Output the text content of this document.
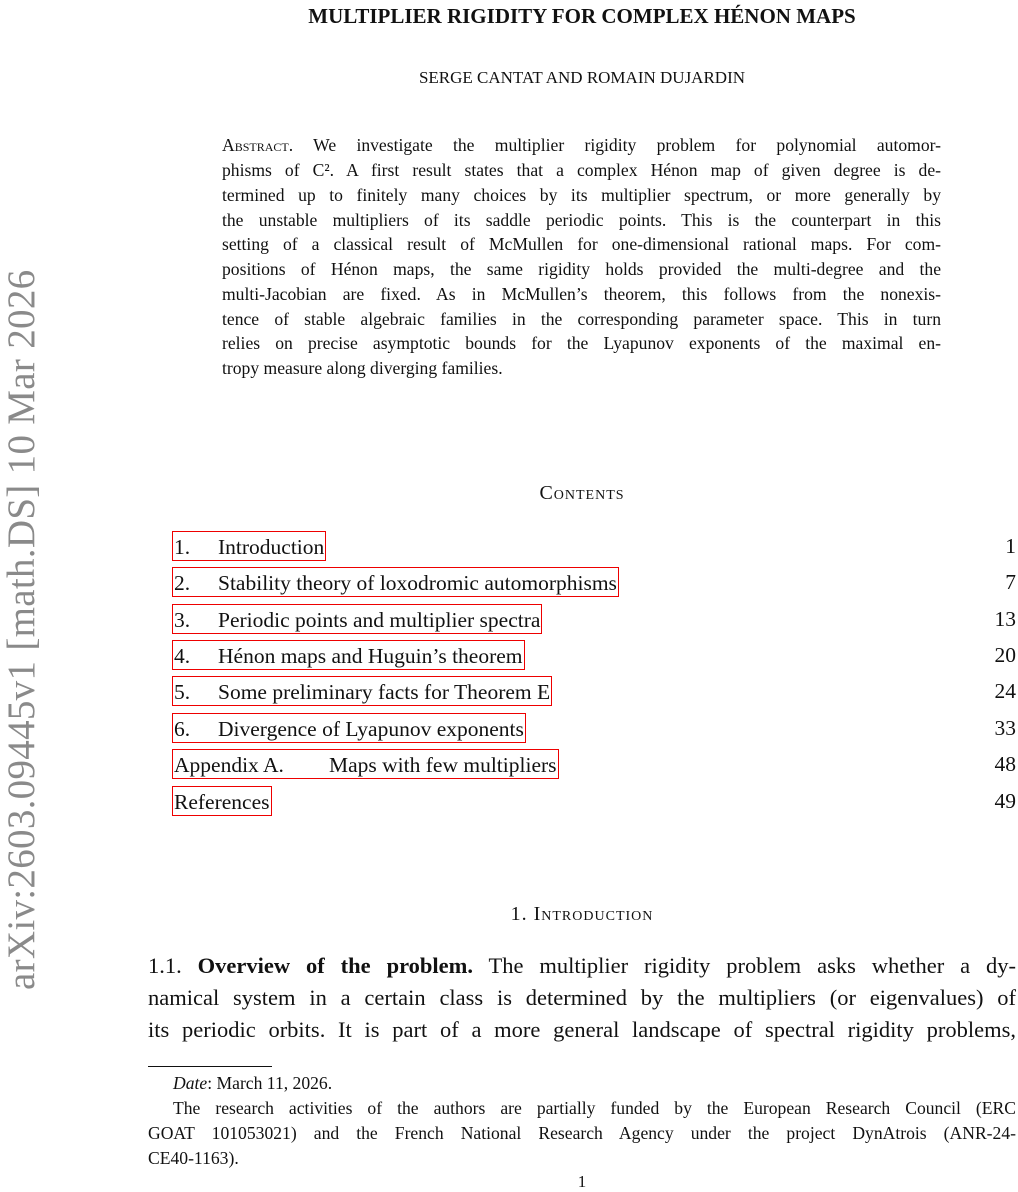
arXiv:2603.09445v1 [math.DS] 10 Mar 2026
MULTIPLIER RIGIDITY FOR COMPLEX HÉNON MAPS
SERGE CANTAT AND ROMAIN DUJARDIN
Abstract. We investigate the multiplier rigidity problem for polynomial automor-
phisms of C². A first result states that a complex Hénon map of given degree is de-
termined up to finitely many choices by its multiplier spectrum, or more generally by
the unstable multipliers of its saddle periodic points. This is the counterpart in this
setting of a classical result of McMullen for one-dimensional rational maps. For com-
positions of Hénon maps, the same rigidity holds provided the multi-degree and the
multi-Jacobian are fixed. As in McMullen’s theorem, this follows from the nonexis-
tence of stable algebraic families in the corresponding parameter space. This in turn
relies on precise asymptotic bounds for the Lyapunov exponents of the maximal en-
tropy measure along diverging families.
Contents
1. Introduction	1
2. Stability theory of loxodromic automorphisms	7
3. Periodic points and multiplier spectra	13
4. Hénon maps and Huguin’s theorem	20
5. Some preliminary facts for Theorem E	24
6. Divergence of Lyapunov exponents	33
Appendix A. Maps with few multipliers	48
References	49
1. Introduction
1.1. Overview of the problem. The multiplier rigidity problem asks whether a dy-
namical system in a certain class is determined by the multipliers (or eigenvalues) of
its periodic orbits. It is part of a more general landscape of spectral rigidity problems,
Date: March 11, 2026.
The research activities of the authors are partially funded by the European Research Council (ERC
GOAT 101053021) and the French National Research Agency under the project DynAtrois (ANR-24-
CE40-1163).
1
